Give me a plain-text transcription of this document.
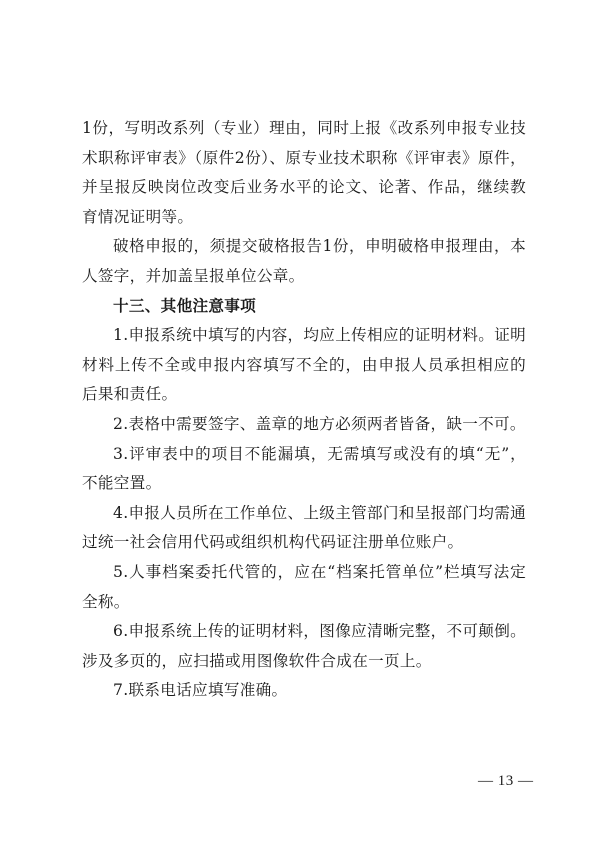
1份，写明改系列（专业）理由，同时上报《改系列申报专业技术职称评审表》（原件2份）、原专业技术职称《评审表》原件，并呈报反映岗位改变后业务水平的论文、论著、作品，继续教育情况证明等。

破格申报的，须提交破格报告1份，申明破格申报理由，本人签字，并加盖呈报单位公章。

十三、其他注意事项

1.申报系统中填写的内容，均应上传相应的证明材料。证明材料上传不全或申报内容填写不全的，由申报人员承担相应的后果和责任。

2.表格中需要签字、盖章的地方必须两者皆备，缺一不可。

3.评审表中的项目不能漏填，无需填写或没有的填“无”，不能空置。

4.申报人员所在工作单位、上级主管部门和呈报部门均需通过统一社会信用代码或组织机构代码证注册单位账户。

5.人事档案委托代管的，应在“档案托管单位”栏填写法定全称。

6.申报系统上传的证明材料，图像应清晰完整，不可颠倒。涉及多页的，应扫描或用图像软件合成在一页上。

7.联系电话应填写准确。

— 13 —
